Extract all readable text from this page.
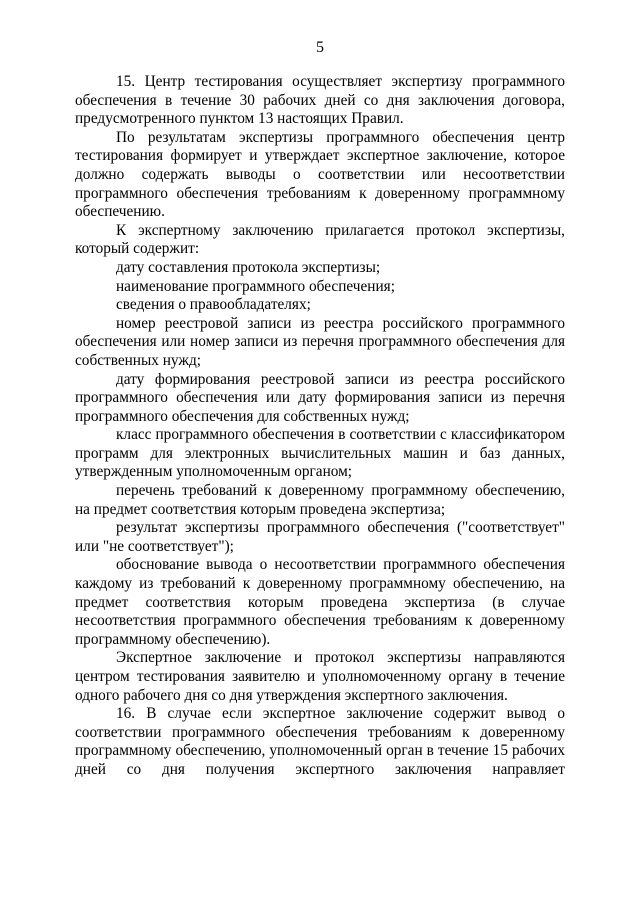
5

15. Центр тестирования осуществляет экспертизу программного обеспечения в течение 30 рабочих дней со дня заключения договора, предусмотренного пунктом 13 настоящих Правил.

По результатам экспертизы программного обеспечения центр тестирования формирует и утверждает экспертное заключение, которое должно содержать выводы о соответствии или несоответствии программного обеспечения требованиям к доверенному программному обеспечению.

К экспертному заключению прилагается протокол экспертизы, который содержит:

дату составления протокола экспертизы;

наименование программного обеспечения;

сведения о правообладателях;

номер реестровой записи из реестра российского программного обеспечения или номер записи из перечня программного обеспечения для собственных нужд;

дату формирования реестровой записи из реестра российского программного обеспечения или дату формирования записи из перечня программного обеспечения для собственных нужд;

класс программного обеспечения в соответствии с классификатором программ для электронных вычислительных машин и баз данных, утвержденным уполномоченным органом;

перечень требований к доверенному программному обеспечению, на предмет соответствия которым проведена экспертиза;

результат экспертизы программного обеспечения ("соответствует" или "не соответствует");

обоснование вывода о несоответствии программного обеспечения каждому из требований к доверенному программному обеспечению, на предмет соответствия которым проведена экспертиза (в случае несоответствия программного обеспечения требованиям к доверенному программному обеспечению).

Экспертное заключение и протокол экспертизы направляются центром тестирования заявителю и уполномоченному органу в течение одного рабочего дня со дня утверждения экспертного заключения.

16. В случае если экспертное заключение содержит вывод о соответствии программного обеспечения требованиям к доверенному программному обеспечению, уполномоченный орган в течение 15 рабочих дней со дня получения экспертного заключения направляет
